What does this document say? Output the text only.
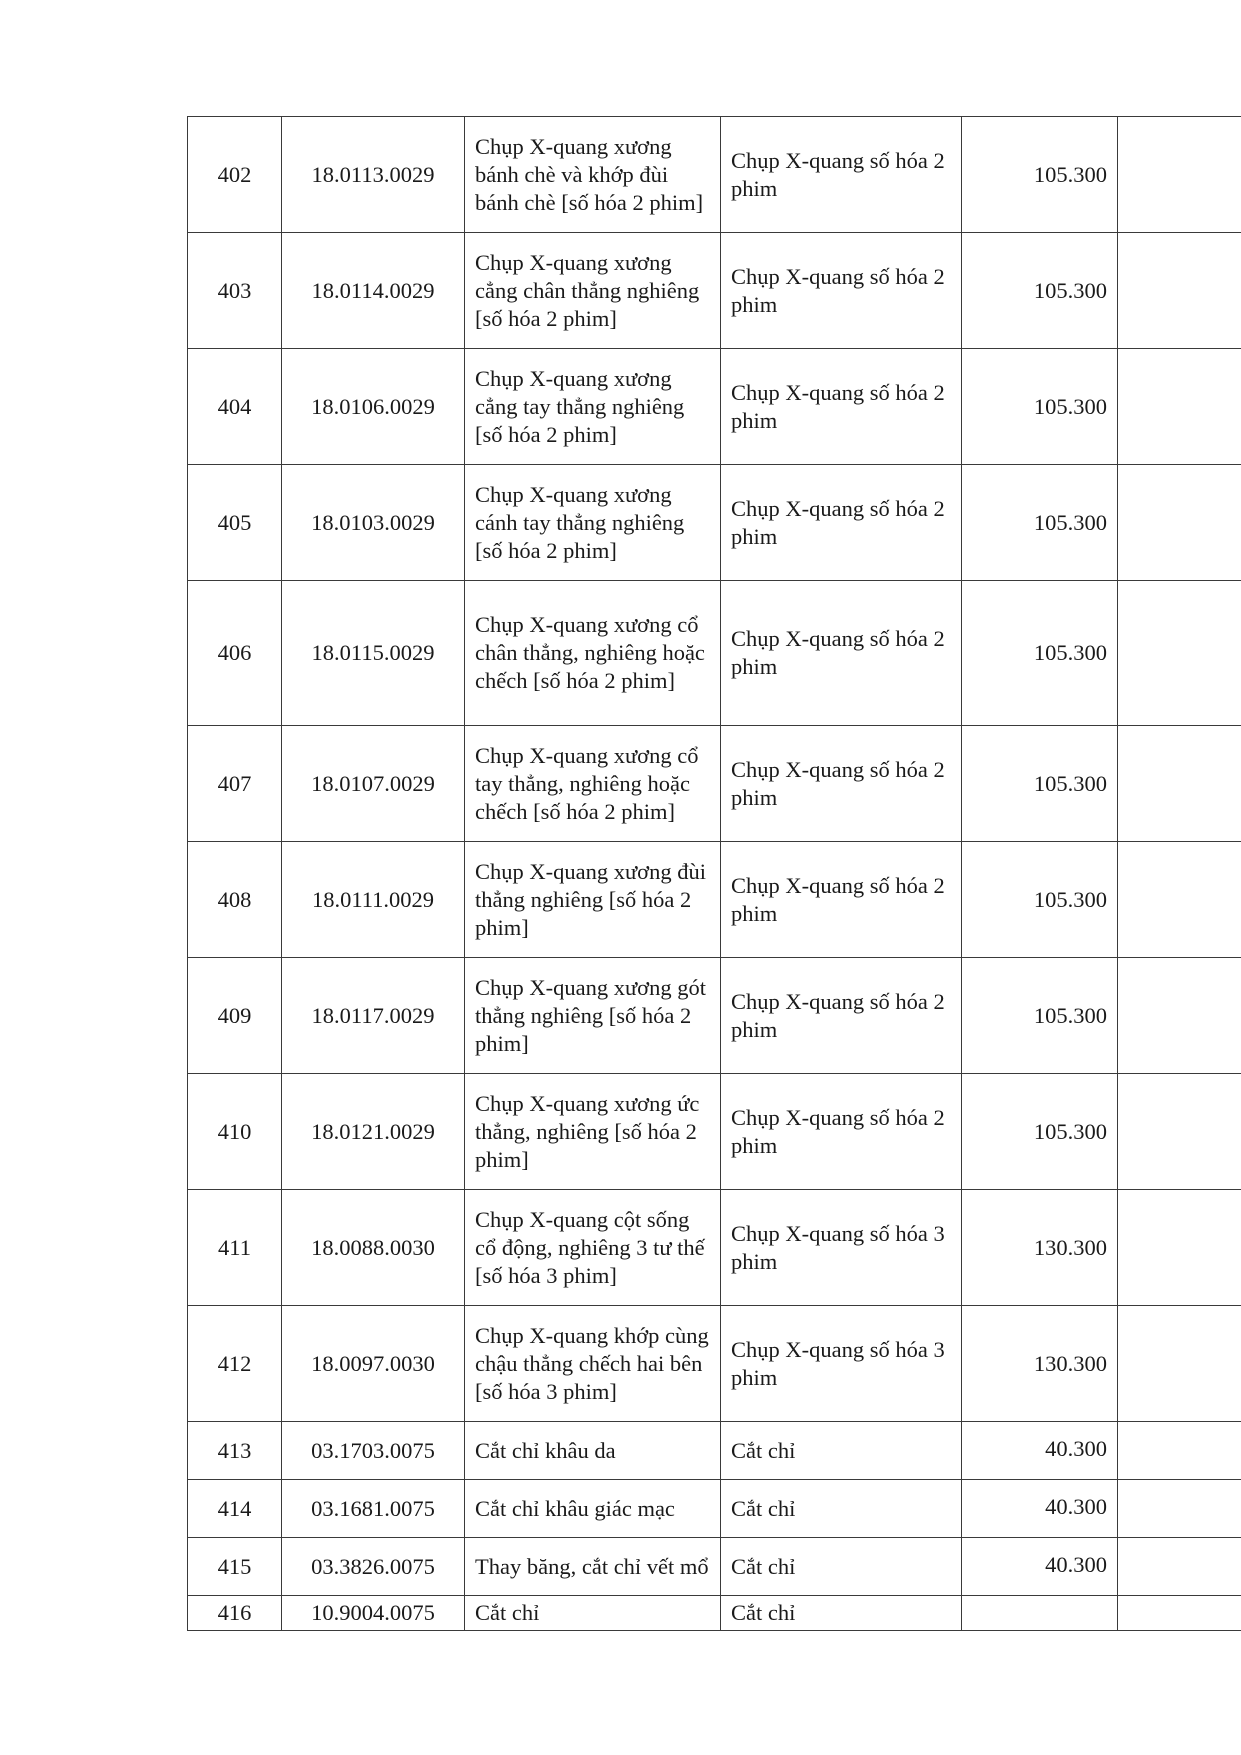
402	18.0113.0029	Chụp X-quang xương bánh chè và khớp đùi bánh chè [số hóa 2 phim]	Chụp X-quang số hóa 2 phim	105.300	
403	18.0114.0029	Chụp X-quang xương cẳng chân thẳng nghiêng [số hóa 2 phim]	Chụp X-quang số hóa 2 phim	105.300	
404	18.0106.0029	Chụp X-quang xương cẳng tay thẳng nghiêng [số hóa 2 phim]	Chụp X-quang số hóa 2 phim	105.300	
405	18.0103.0029	Chụp X-quang xương cánh tay thẳng nghiêng [số hóa 2 phim]	Chụp X-quang số hóa 2 phim	105.300	
406	18.0115.0029	Chụp X-quang xương cổ chân thẳng, nghiêng hoặc chếch [số hóa 2 phim]	Chụp X-quang số hóa 2 phim	105.300	
407	18.0107.0029	Chụp X-quang xương cổ tay thẳng, nghiêng hoặc chếch [số hóa 2 phim]	Chụp X-quang số hóa 2 phim	105.300	
408	18.0111.0029	Chụp X-quang xương đùi thẳng nghiêng [số hóa 2 phim]	Chụp X-quang số hóa 2 phim	105.300	
409	18.0117.0029	Chụp X-quang xương gót thẳng nghiêng [số hóa 2 phim]	Chụp X-quang số hóa 2 phim	105.300	
410	18.0121.0029	Chụp X-quang xương ức thẳng, nghiêng [số hóa 2 phim]	Chụp X-quang số hóa 2 phim	105.300	
411	18.0088.0030	Chụp X-quang cột sống cổ động, nghiêng 3 tư thế [số hóa 3 phim]	Chụp X-quang số hóa 3 phim	130.300	
412	18.0097.0030	Chụp X-quang khớp cùng chậu thẳng chếch hai bên [số hóa 3 phim]	Chụp X-quang số hóa 3 phim	130.300	
413	03.1703.0075	Cắt chỉ khâu da	Cắt chỉ	40.300	
414	03.1681.0075	Cắt chỉ khâu giác mạc	Cắt chỉ	40.300	
415	03.3826.0075	Thay băng, cắt chỉ vết mổ	Cắt chỉ	40.300	
416	10.9004.0075	Cắt chỉ	Cắt chỉ		
